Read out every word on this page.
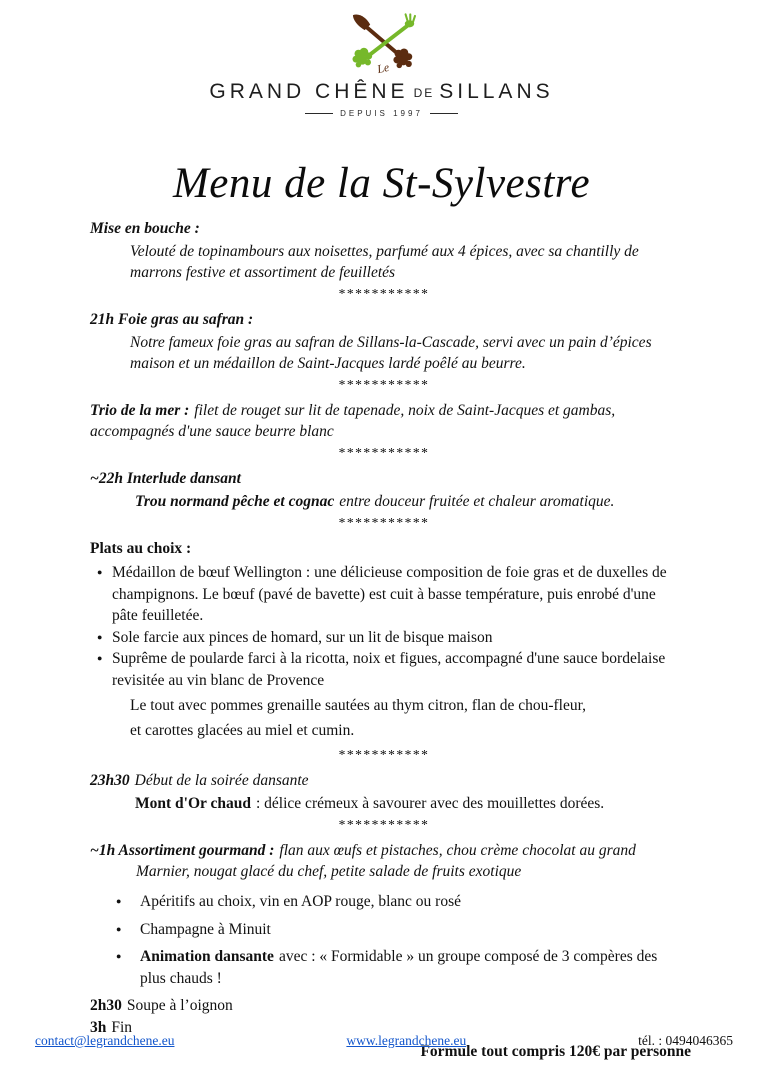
Le
GRAND CHÊNE DE SILLANS
DEPUIS 1997
Menu de la St-Sylvestre
Mise en bouche :
Velouté de topinambours aux noisettes, parfumé aux 4 épices, avec sa chantilly de marrons festive et assortiment de feuilletés
***********
21h Foie gras au safran :
Notre fameux foie gras au safran de Sillans-la-Cascade, servi avec un pain d’épices maison et un médaillon de Saint-Jacques lardé poêlé au beurre.
***********
Trio de la mer : filet de rouget sur lit de tapenade, noix de Saint-Jacques et gambas, accompagnés d'une sauce beurre blanc
***********
~22h Interlude dansant
Trou normand pêche et cognac entre douceur fruitée et chaleur aromatique.
***********
Plats au choix :
● Médaillon de bœuf Wellington : une délicieuse composition de foie gras et de duxelles de champignons. Le bœuf (pavé de bavette) est cuit à basse température, puis enrobé d'une pâte feuilletée.
● Sole farcie aux pinces de homard, sur un lit de bisque maison
● Suprême de poularde farci à la ricotta, noix et figues, accompagné d'une sauce bordelaise revisitée au vin blanc de Provence
Le tout avec pommes grenaille sautées au thym citron, flan de chou-fleur,
et carottes glacées au miel et cumin.
***********
23h30 Début de la soirée dansante
Mont d'Or chaud : délice crémeux à savourer avec des mouillettes dorées.
***********
~1h Assortiment gourmand : flan aux œufs et pistaches, chou crème chocolat au grand Marnier, nougat glacé du chef, petite salade de fruits exotique
● Apéritifs au choix, vin en AOP rouge, blanc ou rosé
● Champagne à Minuit
● Animation dansante avec : « Formidable » un groupe composé de 3 compères des plus chauds !
2h30 Soupe à l’oignon
3h Fin
Formule tout compris 120€ par personne
contact@legrandchene.eu	www.legrandchene.eu	tél. : 0494046365
